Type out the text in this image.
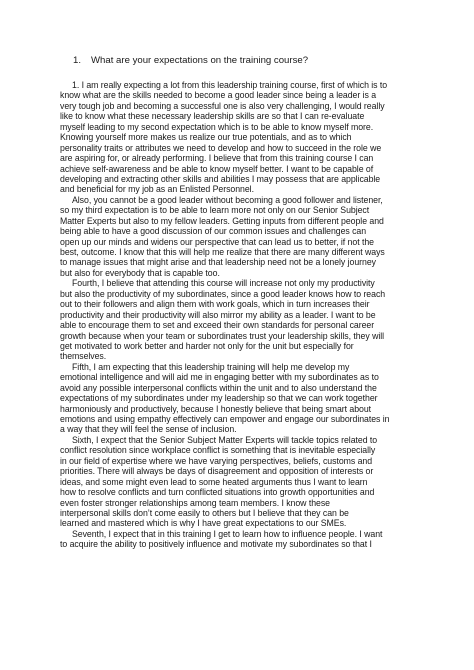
1. What are your expectations on the training course?
1. I am really expecting a lot from this leadership training course, first of which is to
know what are the skills needed to become a good leader since being a leader is a
very tough job and becoming a successful one is also very challenging, I would really
like to know what these necessary leadership skills are so that I can re-evaluate
myself leading to my second expectation which is to be able to know myself more.
Knowing yourself more makes us realize our true potentials, and as to which
personality traits or attributes we need to develop and how to succeed in the role we
are aspiring for, or already performing. I believe that from this training course I can
achieve self-awareness and be able to know myself better. I want to be capable of
developing and extracting other skills and abilities I may possess that are applicable
and beneficial for my job as an Enlisted Personnel.
Also, you cannot be a good leader without becoming a good follower and listener,
so my third expectation is to be able to learn more not only on our Senior Subject
Matter Experts but also to my fellow leaders. Getting inputs from different people and
being able to have a good discussion of our common issues and challenges can
open up our minds and widens our perspective that can lead us to better, if not the
best, outcome. I know that this will help me realize that there are many different ways
to manage issues that might arise and that leadership need not be a lonely journey
but also for everybody that is capable too.
Fourth, I believe that attending this course will increase not only my productivity
but also the productivity of my subordinates, since a good leader knows how to reach
out to their followers and align them with work goals, which in turn increases their
productivity and their productivity will also mirror my ability as a leader. I want to be
able to encourage them to set and exceed their own standards for personal career
growth because when your team or subordinates trust your leadership skills, they will
get motivated to work better and harder not only for the unit but especially for
themselves.
Fifth, I am expecting that this leadership training will help me develop my
emotional intelligence and will aid me in engaging better with my subordinates as to
avoid any possible interpersonal conflicts within the unit and to also understand the
expectations of my subordinates under my leadership so that we can work together
harmoniously and productively, because I honestly believe that being smart about
emotions and using empathy effectively can empower and engage our subordinates in
a way that they will feel the sense of inclusion.
Sixth, I expect that the Senior Subject Matter Experts will tackle topics related to
conflict resolution since workplace conflict is something that is inevitable especially
in our field of expertise where we have varying perspectives, beliefs, customs and
priorities. There will always be days of disagreement and opposition of interests or
ideas, and some might even lead to some heated arguments thus I want to learn
how to resolve conflicts and turn conflicted situations into growth opportunities and
even foster stronger relationships among team members. I know these
interpersonal skills don’t come easily to others but I believe that they can be
learned and mastered which is why I have great expectations to our SMEs.
Seventh, I expect that in this training I get to learn how to influence people. I want
to acquire the ability to positively influence and motivate my subordinates so that I
